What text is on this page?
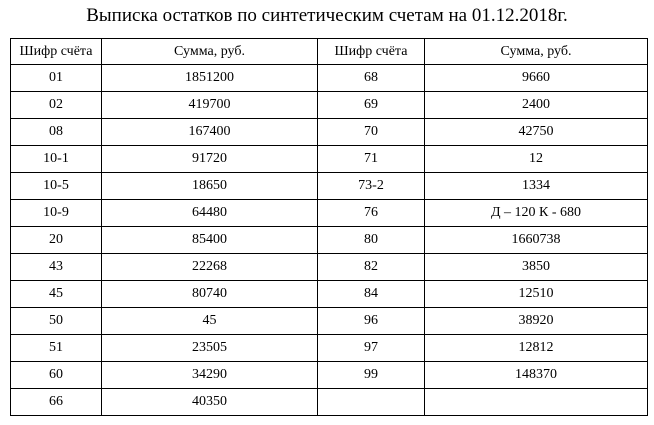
Выписка остатков по синтетическим счетам на 01.12.2018г.
Шифр счёта	Сумма, руб.	Шифр счёта	Сумма, руб.
01	1851200	68	9660
02	419700	69	2400
08	167400	70	42750
10-1	91720	71	12
10-5	18650	73-2	1334
10-9	64480	76	Д – 120 К - 680
20	85400	80	1660738
43	22268	82	3850
45	80740	84	12510
50	45	96	38920
51	23505	97	12812
60	34290	99	148370
66	40350		
